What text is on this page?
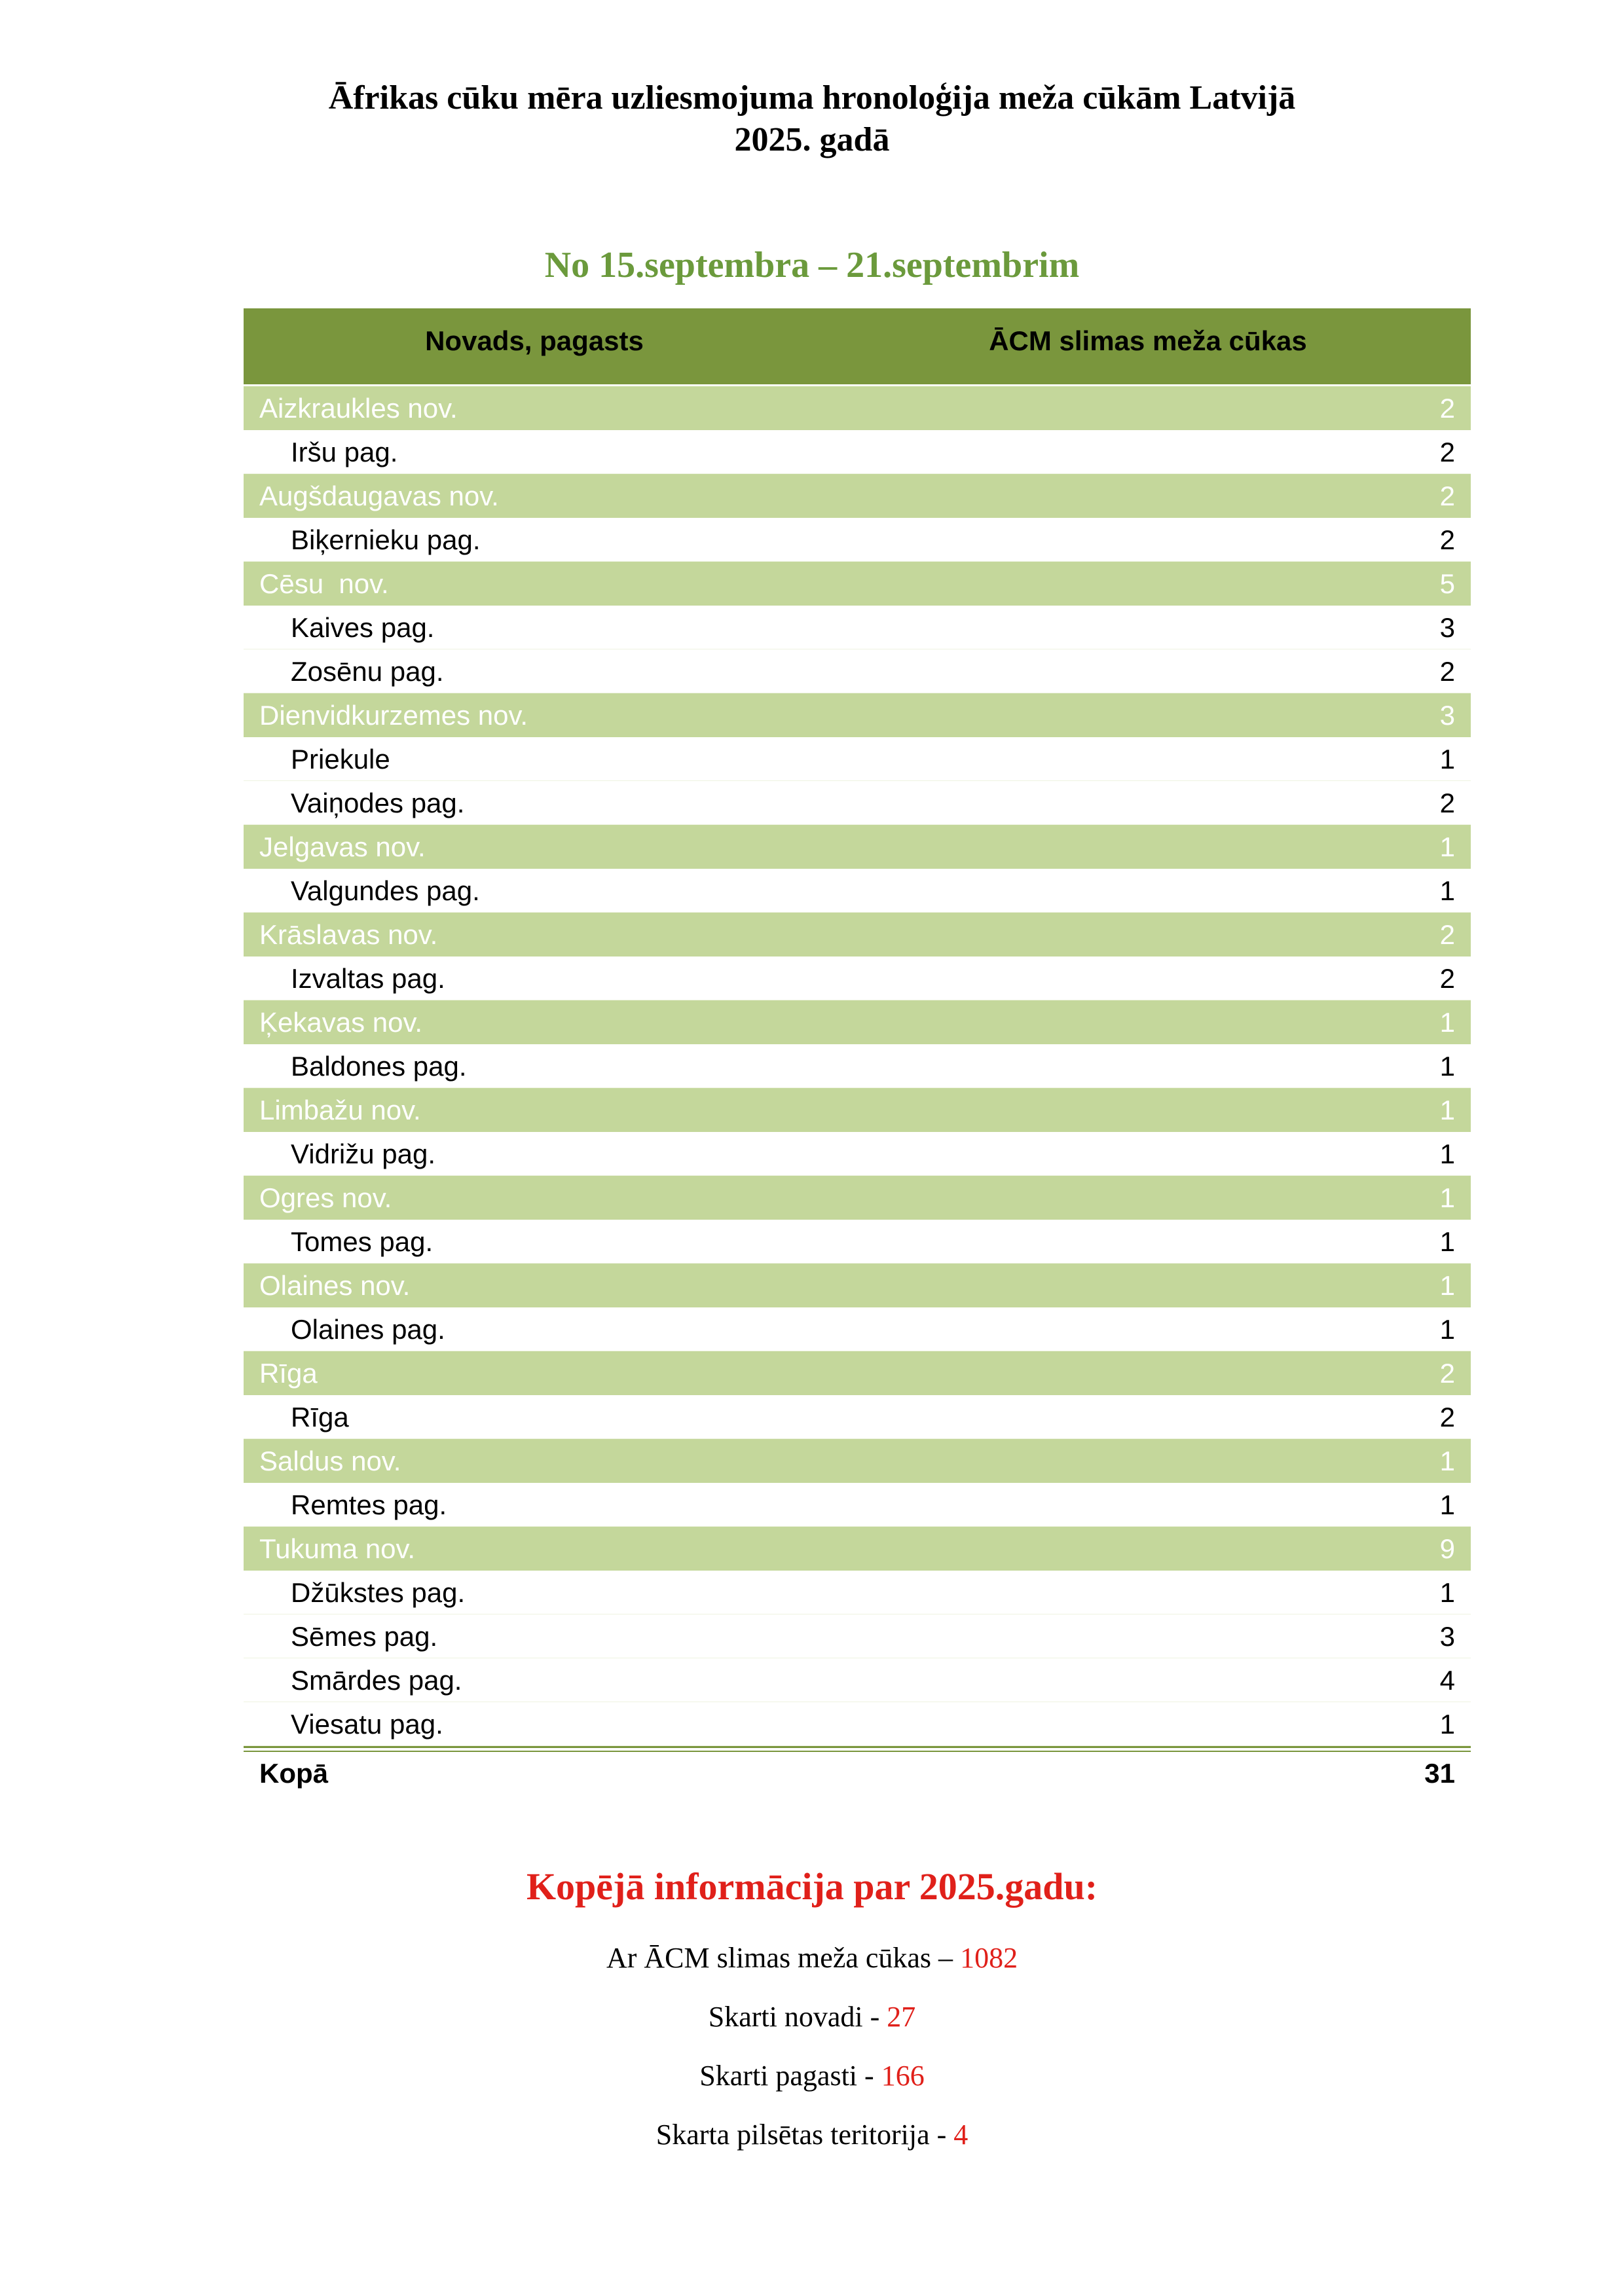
Āfrikas cūku mēra uzliesmojuma hronoloģija meža cūkām Latvijā
2025. gadā
No 15.septembra – 21.septembrim
Novads, pagasts	ĀCM slimas meža cūkas
Aizkraukles nov.	2
Iršu pag.	2
Augšdaugavas nov.	2
Biķernieku pag.	2
Cēsu  nov.	5
Kaives pag.	3
Zosēnu pag.	2
Dienvidkurzemes nov.	3
Priekule	1
Vaiņodes pag.	2
Jelgavas nov.	1
Valgundes pag.	1
Krāslavas nov.	2
Izvaltas pag.	2
Ķekavas nov.	1
Baldones pag.	1
Limbažu nov.	1
Vidrižu pag.	1
Ogres nov.	1
Tomes pag.	1
Olaines nov.	1
Olaines pag.	1
Rīga	2
Rīga	2
Saldus nov.	1
Remtes pag.	1
Tukuma nov.	9
Džūkstes pag.	1
Sēmes pag.	3
Smārdes pag.	4
Viesatu pag.	1
Kopā	31
Kopējā informācija par 2025.gadu:
Ar ĀCM slimas meža cūkas – 1082
Skarti novadi - 27
Skarti pagasti - 166
Skarta pilsētas teritorija - 4
